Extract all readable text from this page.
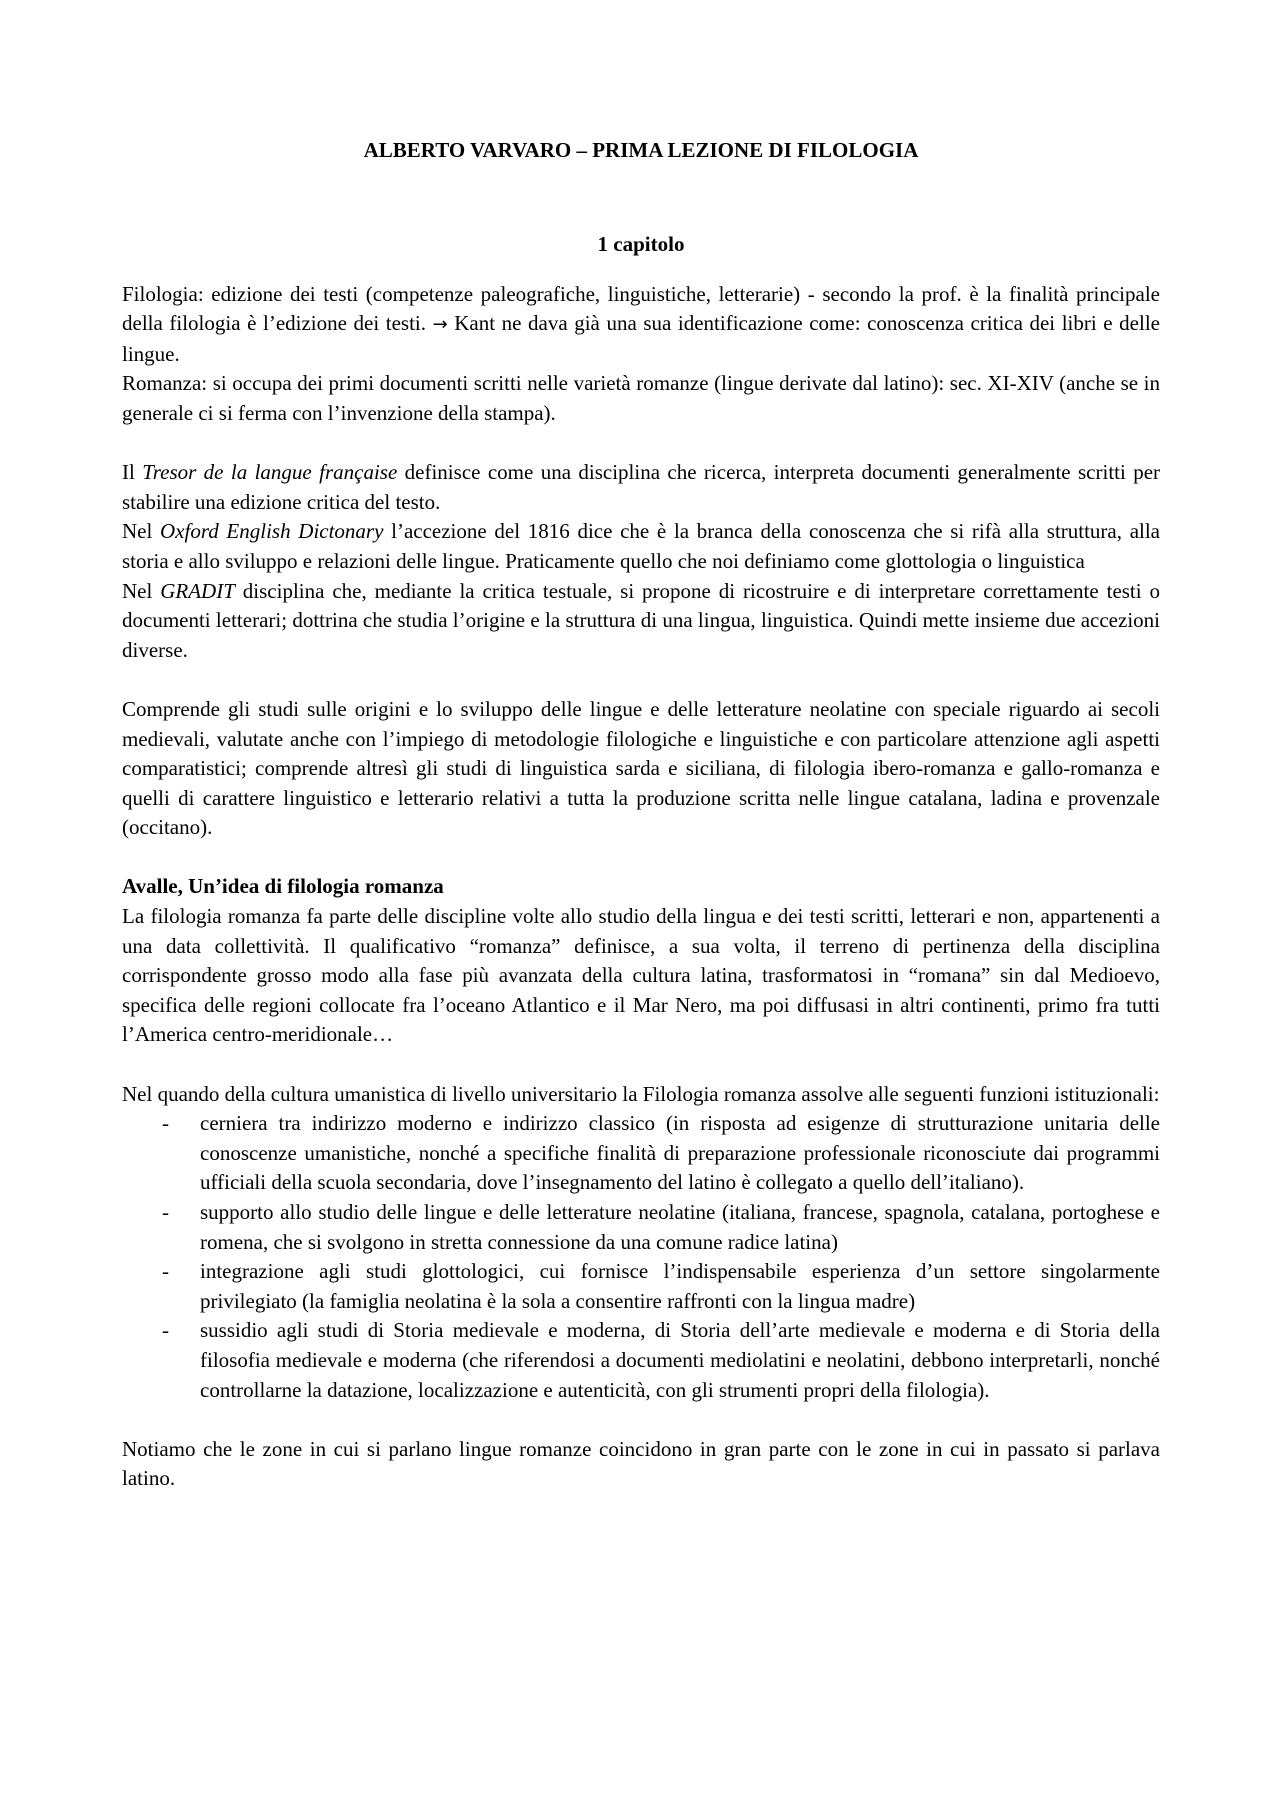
ALBERTO VARVARO – PRIMA LEZIONE DI FILOLOGIA
1 capitolo

Filologia: edizione dei testi (competenze paleografiche, linguistiche, letterarie) - secondo la prof. è la finalità principale della filologia è l’edizione dei testi. → Kant ne dava già una sua identificazione come: conoscenza critica dei libri e delle lingue.

Romanza: si occupa dei primi documenti scritti nelle varietà romanze (lingue derivate dal latino): sec. XI-XIV (anche se in generale ci si ferma con l’invenzione della stampa).

Il Tresor de la langue française definisce come una disciplina che ricerca, interpreta documenti generalmente scritti per stabilire una edizione critica del testo.

Nel Oxford English Dictonary l’accezione del 1816 dice che è la branca della conoscenza che si rifà alla struttura, alla storia e allo sviluppo e relazioni delle lingue. Praticamente quello che noi definiamo come glottologia o linguistica

Nel GRADIT disciplina che, mediante la critica testuale, si propone di ricostruire e di interpretare correttamente testi o documenti letterari; dottrina che studia l’origine e la struttura di una lingua, linguistica. Quindi mette insieme due accezioni diverse.

Comprende gli studi sulle origini e lo sviluppo delle lingue e delle letterature neolatine con speciale riguardo ai secoli medievali, valutate anche con l’impiego di metodologie filologiche e linguistiche e con particolare attenzione agli aspetti comparatistici; comprende altresì gli studi di linguistica sarda e siciliana, di filologia ibero-romanza e gallo-romanza e quelli di carattere linguistico e letterario relativi a tutta la produzione scritta nelle lingue catalana, ladina e provenzale (occitano).

Avalle, Un’idea di filologia romanza

La filologia romanza fa parte delle discipline volte allo studio della lingua e dei testi scritti, letterari e non, appartenenti a una data collettività. Il qualificativo “romanza” definisce, a sua volta, il terreno di pertinenza della disciplina corrispondente grosso modo alla fase più avanzata della cultura latina, trasformatosi in “romana” sin dal Medioevo, specifica delle regioni collocate fra l’oceano Atlantico e il Mar Nero, ma poi diffusasi in altri continenti, primo fra tutti l’America centro-meridionale…

Nel quando della cultura umanistica di livello universitario la Filologia romanza assolve alle seguenti funzioni istituzionali:

- cerniera tra indirizzo moderno e indirizzo classico (in risposta ad esigenze di strutturazione unitaria delle conoscenze umanistiche, nonché a specifiche finalità di preparazione professionale riconosciute dai programmi ufficiali della scuola secondaria, dove l’insegnamento del latino è collegato a quello dell’italiano).
- supporto allo studio delle lingue e delle letterature neolatine (italiana, francese, spagnola, catalana, portoghese e romena, che si svolgono in stretta connessione da una comune radice latina)
- integrazione agli studi glottologici, cui fornisce l’indispensabile esperienza d’un settore singolarmente privilegiato (la famiglia neolatina è la sola a consentire raffronti con la lingua madre)
- sussidio agli studi di Storia medievale e moderna, di Storia dell’arte medievale e moderna e di Storia della filosofia medievale e moderna (che riferendosi a documenti mediolatini e neolatini, debbono interpretarli, nonché controllarne la datazione, localizzazione e autenticità, con gli strumenti propri della filologia).

Notiamo che le zone in cui si parlano lingue romanze coincidono in gran parte con le zone in cui in passato si parlava latino.
